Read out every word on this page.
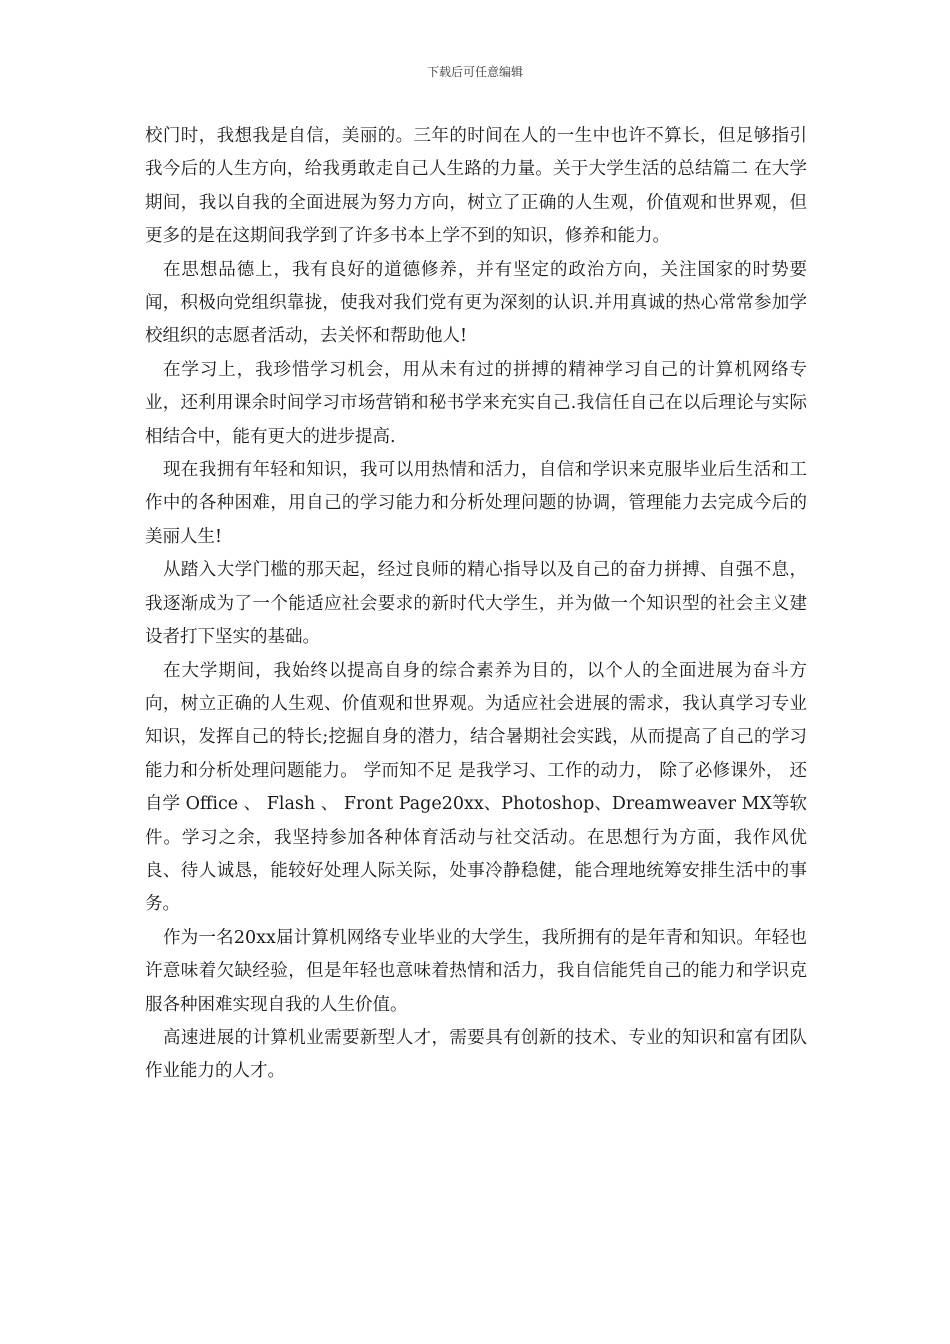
下载后可任意编辑

校门时，我想我是自信，美丽的。三年的时间在人的一生中也许不算长，但足够指引我今后的人生方向，给我勇敢走自己人生路的力量。关于大学生活的总结篇二 在大学期间，我以自我的全面进展为努力方向，树立了正确的人生观，价值观和世界观，但更多的是在这期间我学到了许多书本上学不到的知识，修养和能力。

在思想品德上，我有良好的道德修养，并有坚定的政治方向，关注国家的时势要闻，积极向党组织靠拢，使我对我们党有更为深刻的认识.并用真诚的热心常常参加学校组织的志愿者活动，去关怀和帮助他人!

在学习上，我珍惜学习机会，用从未有过的拼搏的精神学习自己的计算机网络专业，还利用课余时间学习市场营销和秘书学来充实自己.我信任自己在以后理论与实际相结合中，能有更大的进步提高.

现在我拥有年轻和知识，我可以用热情和活力，自信和学识来克服毕业后生活和工作中的各种困难，用自己的学习能力和分析处理问题的协调，管理能力去完成今后的美丽人生!

从踏入大学门槛的那天起，经过良师的精心指导以及自己的奋力拼搏、自强不息，我逐渐成为了一个能适应社会要求的新时代大学生，并为做一个知识型的社会主义建设者打下坚实的基础。

在大学期间，我始终以提高自身的综合素养为目的，以个人的全面进展为奋斗方向，树立正确的人生观、价值观和世界观。为适应社会进展的需求，我认真学习专业知识，发挥自己的特长;挖掘自身的潜力，结合暑期社会实践，从而提高了自己的学习能力和分析处理问题能力。 学而知不足 是我学习、工作的动力， 除了必修课外， 还自学 Office 、 Flash 、 Front Page20xx、Photoshop、Dreamweaver MX等软件。学习之余，我坚持参加各种体育活动与社交活动。在思想行为方面，我作风优良、待人诚恳，能较好处理人际关际，处事冷静稳健，能合理地统筹安排生活中的事务。

作为一名20xx届计算机网络专业毕业的大学生，我所拥有的是年青和知识。年轻也许意味着欠缺经验，但是年轻也意味着热情和活力，我自信能凭自己的能力和学识克服各种困难实现自我的人生价值。

高速进展的计算机业需要新型人才，需要具有创新的技术、专业的知识和富有团队作业能力的人才。
